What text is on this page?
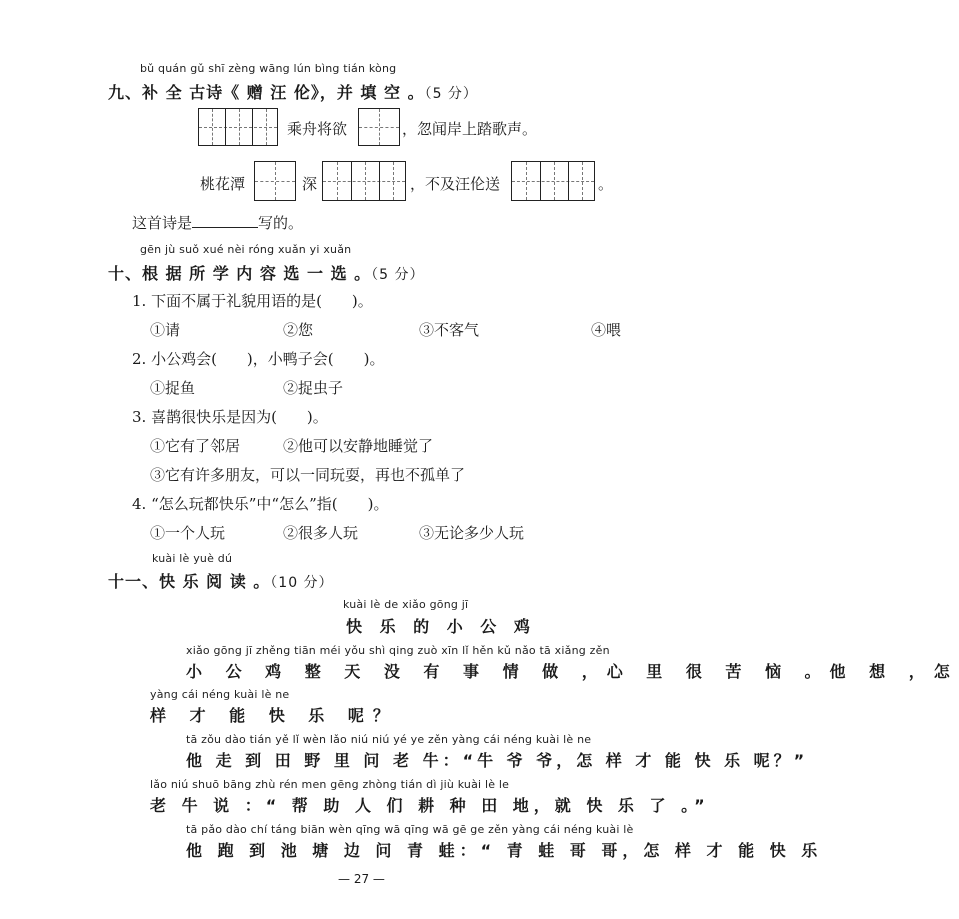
bǔ quán gǔ shī zèng wāng lún bìng tián kòng
九、补 全 古诗《 赠 汪 伦》，并 填 空 。（5 分）
乘舟将欲	，忽闻岸上踏歌声。
桃花潭	深	，不及汪伦送	。
这首诗是	写的。
gēn jù suǒ xué nèi róng xuǎn yi xuǎn
十、根 据 所 学 内 容 选 一 选 。（5 分）
1. 下面不属于礼貌用语的是(　　)。
①请	②您	③不客气	④喂
2. 小公鸡会(　　)，小鸭子会(　　)。
①捉鱼	②捉虫子
3. 喜鹊很快乐是因为(　　)。
①它有了邻居	②他可以安静地睡觉了
③它有许多朋友，可以一同玩耍，再也不孤单了
4. “怎么玩都快乐”中“怎么”指(　　)。
①一个人玩	②很多人玩	③无论多少人玩
kuài lè yuè dú
十一、快 乐 阅 读 。（10 分）
kuài lè de xiǎo gōng jī
快 乐 的 小 公 鸡
xiǎo gōng jī zhěng tiān méi yǒu shì qing zuò xīn lǐ hěn kǔ nǎo tā xiǎng zěn
小 公 鸡 整 天 没 有 事 情 做 ，心 里 很 苦 恼 。他 想 ，怎
yàng cái néng kuài lè ne
样 才 能 快 乐 呢？
tā zǒu dào tián yě lǐ wèn lǎo niú niú yé ye zěn yàng cái néng kuài lè ne
他 走 到 田 野 里 问 老 牛：“牛 爷 爷，怎 样 才 能 快 乐 呢？”
lǎo niú shuō bāng zhù rén men gēng zhòng tián dì jiù kuài lè le
老 牛 说 ：“ 帮 助 人 们 耕 种 田 地，就 快 乐 了 。”
tā pǎo dào chí táng biān wèn qīng wā qīng wā gē ge zěn yàng cái néng kuài lè
他 跑 到 池 塘 边 问 青 蛙：“ 青 蛙 哥 哥，怎 样 才 能 快 乐
— 27 —
